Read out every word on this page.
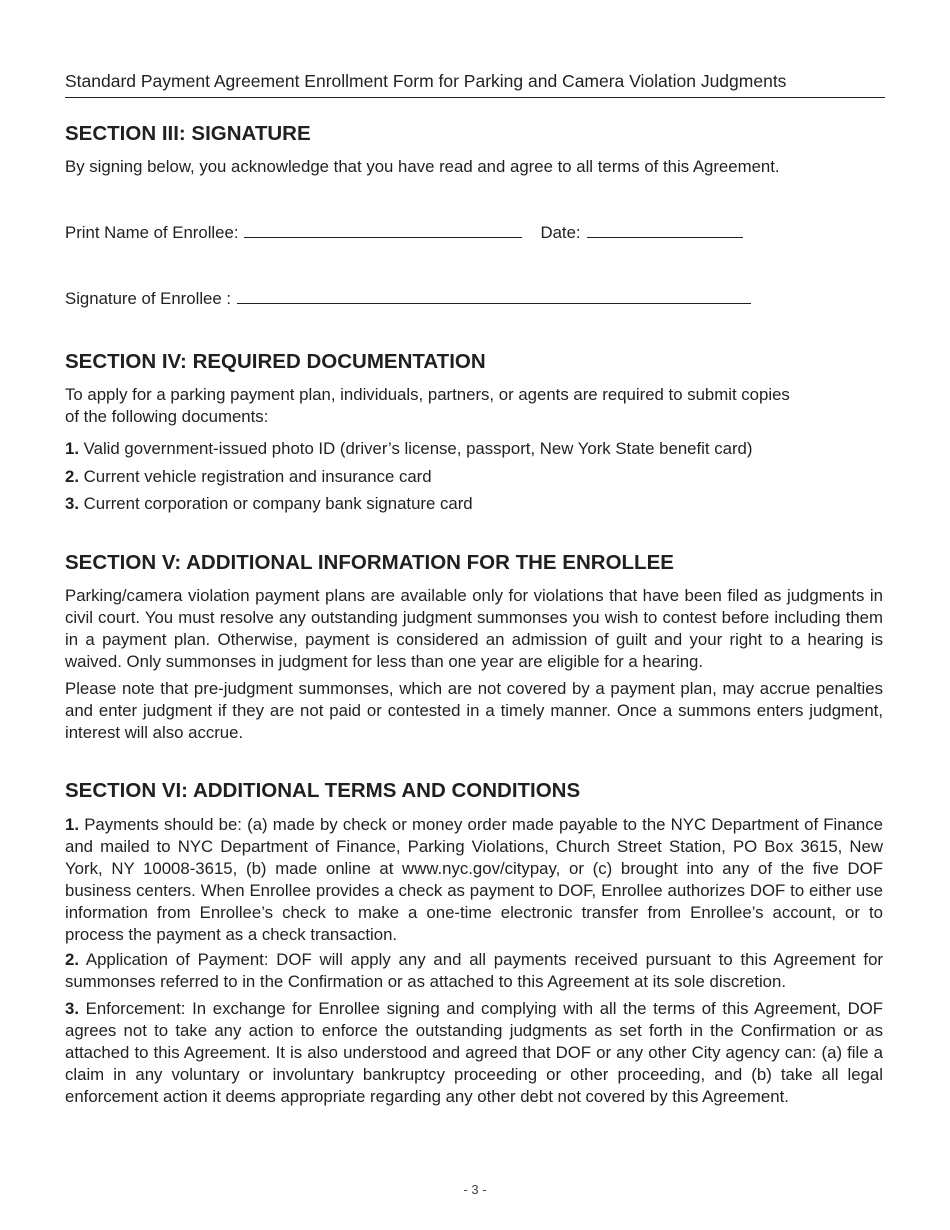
Standard Payment Agreement Enrollment Form for Parking and Camera Violation Judgments
SECTION III: SIGNATURE

By signing below, you acknowledge that you have read and agree to all terms of this Agreement.

Print Name of Enrollee:	Date:
Signature of Enrollee :
SECTION IV: REQUIRED DOCUMENTATION

To apply for a parking payment plan, individuals, partners, or agents are required to submit copies of the following documents:

1. Valid government-issued photo ID (driver’s license, passport, New York State benefit card)
2. Current vehicle registration and insurance card
3. Current corporation or company bank signature card
SECTION V: ADDITIONAL INFORMATION FOR THE ENROLLEE

Parking/camera violation payment plans are available only for violations that have been filed as judgments in civil court. You must resolve any outstanding judgment summonses you wish to contest before including them in a payment plan. Otherwise, payment is considered an admission of guilt and your right to a hearing is waived. Only summonses in judgment for less than one year are eligible for a hearing.

Please note that pre-judgment summonses, which are not covered by a payment plan, may accrue penalties and enter judgment if they are not paid or contested in a timely manner. Once a summons enters judgment, interest will also accrue.

SECTION VI: ADDITIONAL TERMS AND CONDITIONS

1. Payments should be: (a) made by check or money order made payable to the NYC Department of Finance and mailed to NYC Department of Finance, Parking Violations, Church Street Station, PO Box 3615, New York, NY 10008-3615, (b) made online at www.nyc.gov/citypay, or (c) brought into any of the five DOF business centers. When Enrollee provides a check as payment to DOF, Enrollee authorizes DOF to either use information from Enrollee’s check to make a one-time electronic transfer from Enrollee’s account, or to process the payment as a check transaction.

2. Application of Payment: DOF will apply any and all payments received pursuant to this Agreement for summonses referred to in the Confirmation or as attached to this Agreement at its sole discretion.

3. Enforcement: In exchange for Enrollee signing and complying with all the terms of this Agreement, DOF agrees not to take any action to enforce the outstanding judgments as set forth in the Confirmation or as attached to this Agreement. It is also understood and agreed that DOF or any other City agency can: (a) file a claim in any voluntary or involuntary bankruptcy proceeding or other proceeding, and (b) take all legal enforcement action it deems appropriate regarding any other debt not covered by this Agreement.

- 3 -
